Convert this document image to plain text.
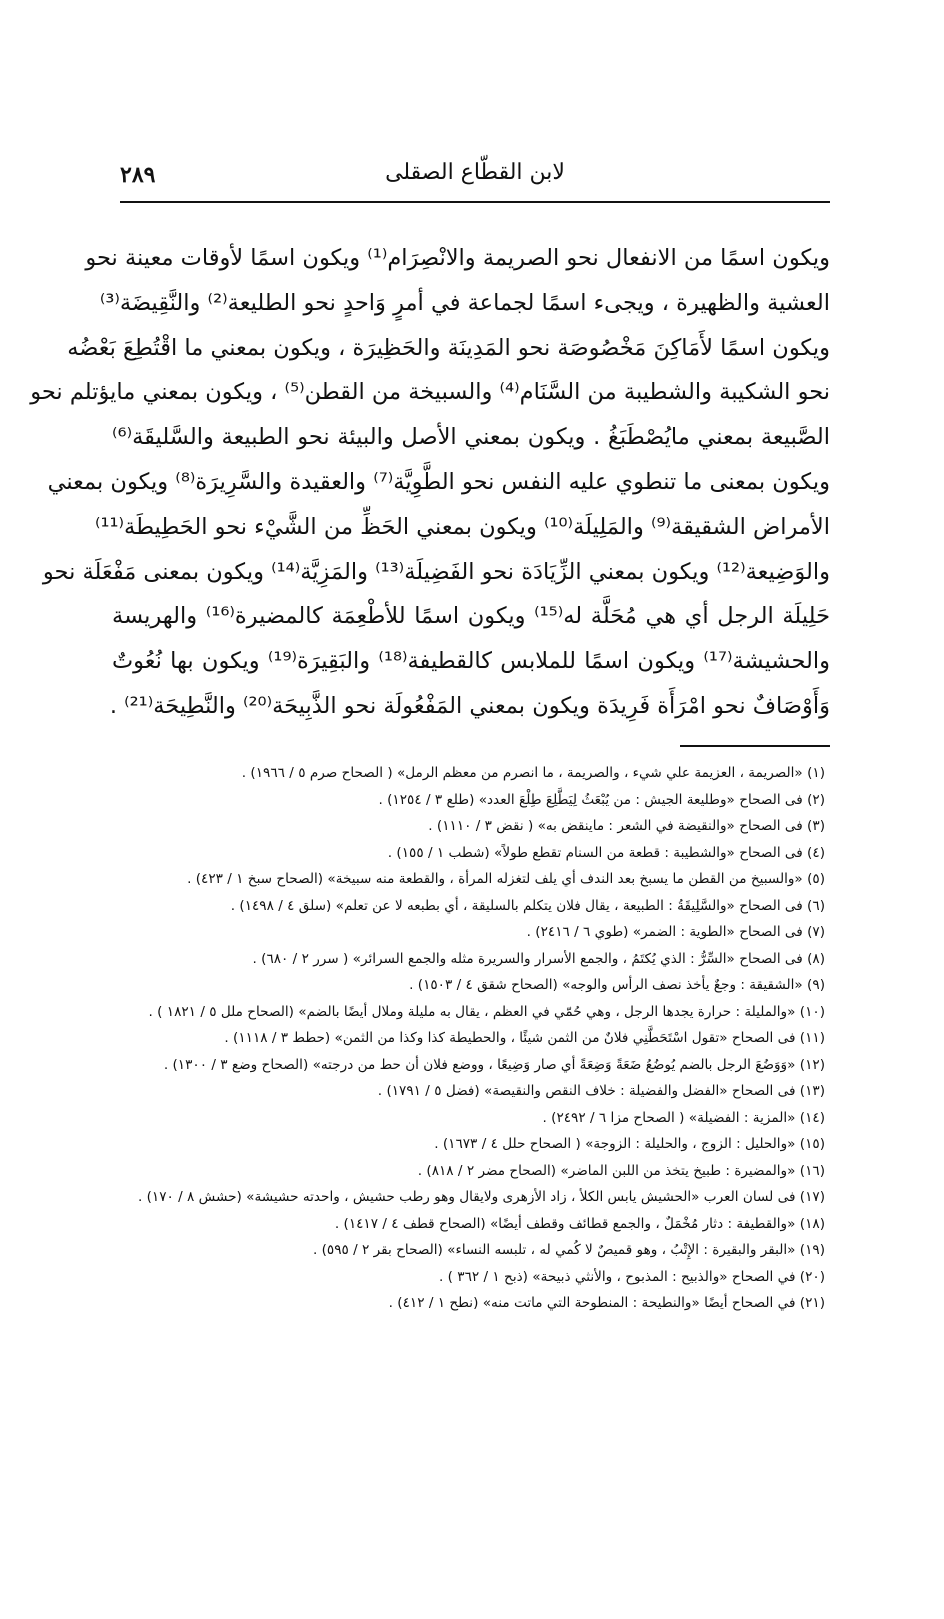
لابن القطّاع الصقلى
٢٨٩
ويكون اسمًا من الانفعال نحو الصريمة والانْصِرَام⁽¹⁾ ويكون اسمًا لأوقات معينة نحو
العشية والظهيرة ، ويجىء اسمًا لجماعة في أمرٍ وَاحدٍ نحو الطليعة⁽²⁾ والنَّقِيضَة⁽³⁾
ويكون اسمًا لأَمَاكِنَ مَخْصُوصَة نحو المَدِينَة والحَظِيرَة ، ويكون بمعني ما اقْتُطِعَ بَعْضُه
نحو الشكيبة والشطيبة من السَّنَام⁽⁴⁾ والسبيخة من القطن⁽⁵⁾ ، ويكون بمعني مايؤتلم نحو
الصَّبيعة بمعني مايُصْطَبَغُ . ويكون بمعني الأصل والبيئة نحو الطبيعة والسَّليقَة⁽⁶⁾
ويكون بمعنى ما تنطوي عليه النفس نحو الطَّوِيَّة⁽⁷⁾ والعقيدة والسَّرِيرَة⁽⁸⁾ ويكون بمعني
الأمراض الشقيقة⁽⁹⁾ والمَلِيلَة⁽¹⁰⁾ ويكون بمعني الحَظِّ من الشَّيْء نحو الحَطِيطَة⁽¹¹⁾
والوَضِيعة⁽¹²⁾ ويكون بمعني الزِّيَادَة نحو الفَضِيلَة⁽¹³⁾ والمَزِيَّة⁽¹⁴⁾ ويكون بمعنى مَفْعَلَة نحو
حَلِيلَة الرجل أي هي مُحَلَّة له⁽¹⁵⁾ ويكون اسمًا للأطْعِمَة كالمضيرة⁽¹⁶⁾ والهريسة
والحشيشة⁽¹⁷⁾ ويكون اسمًا للملابس كالقطيفة⁽¹⁸⁾ والبَقِيرَة⁽¹⁹⁾ ويكون بها نُعُوتٌ
وَأَوْصَافٌ نحو امْرَأَة فَرِيدَة ويكون بمعني المَفْعُولَة نحو الذَّبِيحَة⁽²⁰⁾ والنَّطِيحَة⁽²¹⁾ .
(١) «الصريمة ، العزيمة علي شيء ، والصريمة ، ما انصرم من معظم الرمل» ( الصحاح صرم ٥ / ١٩٦٦) .
(٢) فى الصحاح «وطليعة الجيش : من يُبْعَثُ لِيَطَّلِعَ طِلْعَ العدد» (طلع ٣ / ١٢٥٤) .
(٣) فى الصحاح «والنقيضة في الشعر : ماينقض به» ( نقض ٣ / ١١١٠) .
(٤) فى الصحاح «والشطيبة : قطعة من السنام تقطع طولاً» (شطب ١ / ١٥٥) .
(٥) «والسبيخ من القطن ما يسبخ بعد الندف أي يلف لتغزله المرأة ، والقطعة منه سبيخة» (الصحاح سبخ ١ / ٤٢٣) .
(٦) فى الصحاح «والسَّلِيقَةُ : الطبيعة ، يقال فلان يتكلم بالسليقة ، أي بطبعه لا عن تعلم» (سلق ٤ / ١٤٩٨) .
(٧) فى الصحاح «الطوية : الضمر» (طوي ٦ / ٢٤١٦) .
(٨) فى الصحاح «السِّرُّ : الذي يُكتَمُ ، والجمع الأسرار والسريرة مثله والجمع السرائر» ( سرر ٢ / ٦٨٠) .
(٩) «الشقيقة : وجعٌ يأخذ نصف الرأس والوجه» (الصحاح شقق ٤ / ١٥٠٣) .
(١٠) «والمليلة : حرارة يجدها الرجل ، وهي حُمّي في العظم ، يقال به مليلة وملال أيضًا بالضم» (الصحاح ملل ٥ / ١٨٢١ ) .
(١١) فى الصحاح «تقول اسْتَحَطَّنِي فلانٌ من الثمن شيئًا ، والحطيطة كذا وكذا من الثمن» (حطط ٣ / ١١١٨) .
(١٢) «وَوَضُعَ الرجل بالضم يُوضُعُ ضَعَةً وَضِعَةً أي صار وَضِيعًا ، ووضع فلان أن حط من درجته» (الصحاح وضع ٣ / ١٣٠٠) .
(١٣) فى الصحاح «الفضل والفضيلة : خلاف النقص والنقيصة» (فضل ٥ / ١٧٩١) .
(١٤) «المزية : الفضيلة» ( الصحاح مزا ٦ / ٢٤٩٢) .
(١٥) «والحليل : الزوج ، والحليلة : الزوجة» ( الصحاح حلل ٤ / ١٦٧٣) .
(١٦) «والمضيرة : طبيخ يتخذ من اللبن الماضر» (الصحاح مضر ٢ / ٨١٨) .
(١٧) فى لسان العرب «الحشيش يابس الكلأ ، زاد الأزهرى ولايقال وهو رطب حشيش ، واحدته حشيشة» (حشش ٨ / ١٧٠) .
(١٨) «والقطيفة : دثار مُخْمَلٌ ، والجمع قطائف وقطف أيضًا» (الصحاح قطف ٤ / ١٤١٧) .
(١٩) «البقر والبقيرة : الإِتْبُ ، وهو قميصٌ لا كُمي له ، تلبسه النساء» (الصحاح بقر ٢ / ٥٩٥) .
(٢٠) في الصحاح «والذبيح : المذبوح ، والأنثي ذبيحة» (ذبح ١ / ٣٦٢ ) .
(٢١) في الصحاح أيضًا «والنطيحة : المنطوحة التي ماتت منه» (نطح ١ / ٤١٢) .
